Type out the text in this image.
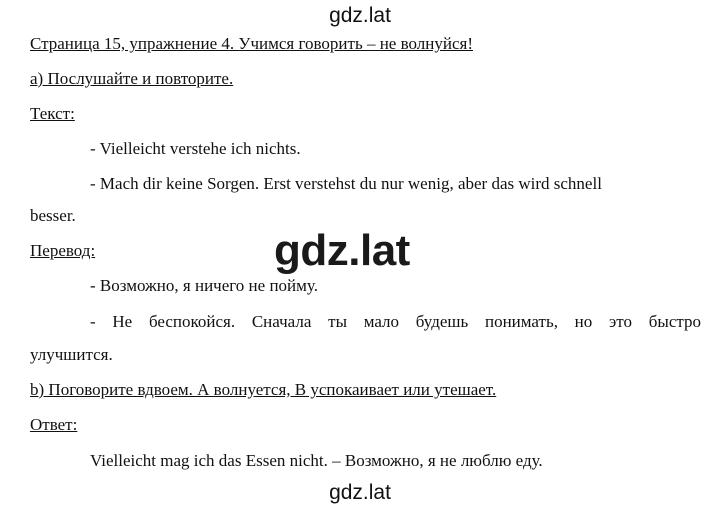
gdz.lat
Страница 15, упражнение 4. Учимся говорить – не волнуйся!
а) Послушайте и повторите.
Текст:
- Vielleicht verstehe ich nichts.
- Mach dir keine Sorgen. Erst verstehst du nur wenig, aber das wird schnell
besser.
Перевод:
- Возможно, я ничего не пойму.
- Не беспокойся. Сначала ты мало будешь понимать, но это быстро
улучшится.
b) Поговорите вдвоем. А волнуется, В успокаивает или утешает.
Ответ:
Vielleicht mag ich das Essen nicht. – Возможно, я не люблю еду.
gdz.lat
gdz.lat
